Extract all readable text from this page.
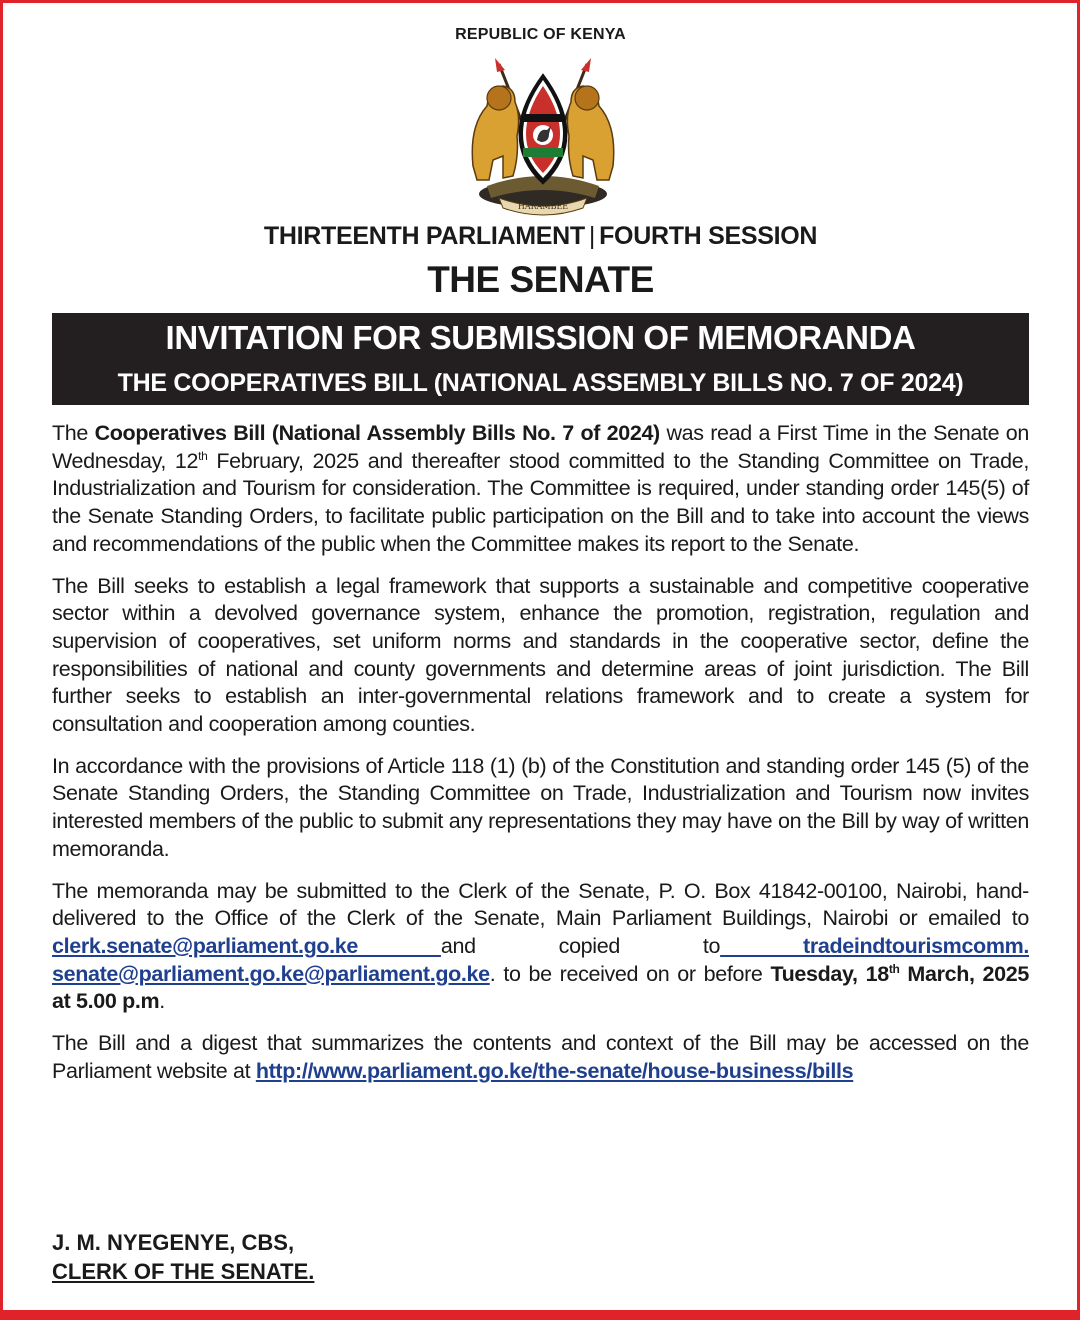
REPUBLIC OF KENYA
HARAMBEE
THIRTEENTH PARLIAMENT | FOURTH SESSION
THE SENATE
INVITATION FOR SUBMISSION OF MEMORANDA
THE COOPERATIVES BILL (NATIONAL ASSEMBLY BILLS NO. 7 OF 2024)

The Cooperatives Bill (National Assembly Bills No. 7 of 2024) was read a First Time in the Senate on Wednesday, 12th February, 2025 and thereafter stood committed to the Standing Committee on Trade, Industrialization and Tourism for consideration. The Committee is required, under standing order 145(5) of the Senate Standing Orders, to facilitate public participation on the Bill and to take into account the views and recommendations of the public when the Committee makes its report to the Senate.

The Bill seeks to establish a legal framework that supports a sustainable and competitive cooperative sector within a devolved governance system, enhance the promotion, registration, regulation and supervision of cooperatives, set uniform norms and standards in the cooperative sector, define the responsibilities of national and county governments and determine areas of joint jurisdiction. The Bill further seeks to establish an inter-governmental relations framework and to create a system for consultation and cooperation among counties.

In accordance with the provisions of Article 118 (1) (b) of the Constitution and standing order 145 (5) of the Senate Standing Orders, the Standing Committee on Trade, Industrialization and Tourism now invites interested members of the public to submit any representations they may have on the Bill by way of written memoranda.

The memoranda may be submitted to the Clerk of the Senate, P. O. Box 41842-00100, Nairobi, hand-delivered to the Office of the Clerk of the Senate, Main Parliament Buildings, Nairobi or emailed to clerk.senate@parliament.go.ke and copied to tradeindtourismcomm. senate@parliament.go.ke@parliament.go.ke. to be received on or before Tuesday, 18th March, 2025 at 5.00 p.m.

The Bill and a digest that summarizes the contents and context of the Bill may be accessed on the Parliament website at http://www.parliament.go.ke/the-senate/house-business/bills

J. M. NYEGENYE, CBS,
CLERK OF THE SENATE.
